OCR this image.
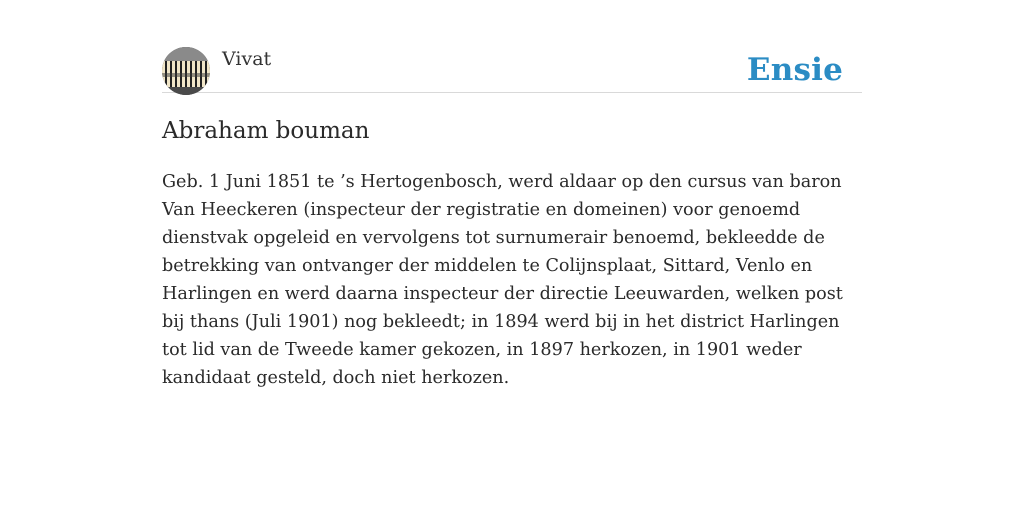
Vivat	Ensie
Abraham bouman

Geb. 1 Juni 1851 te ’s Hertogenbosch, werd aldaar op den cursus van baron Van Heeckeren (inspecteur der registratie en domeinen) voor genoemd dienstvak opgeleid en vervolgens tot surnumerair benoemd, bekleedde de betrekking van ontvanger der middelen te Colijnsplaat, Sittard, Venlo en Harlingen en werd daarna inspecteur der directie Leeuwarden, welken post bij thans (Juli 1901) nog bekleedt; in 1894 werd bij in het district Harlingen tot lid van de Tweede kamer gekozen, in 1897 herkozen, in 1901 weder kandidaat gesteld, doch niet herkozen.
